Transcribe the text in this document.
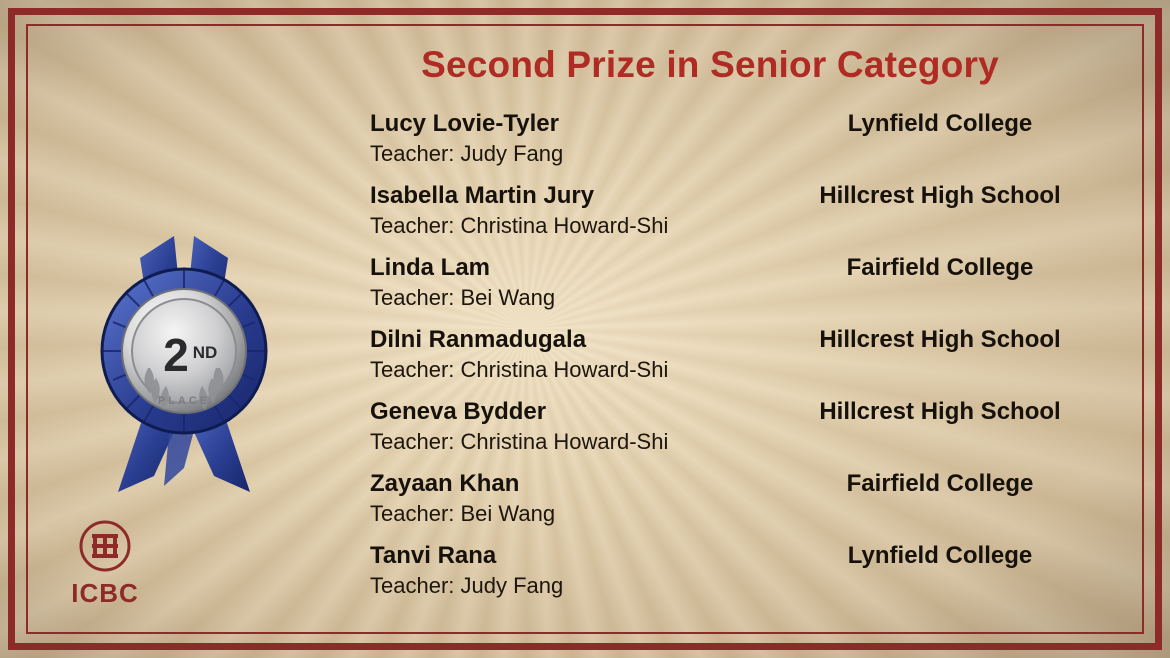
Second Prize in Senior Category
2 ND
PLACE
ICBC
Lucy Lovie-Tyler	Lynfield College
Teacher: Judy Fang
Isabella Martin Jury	Hillcrest High School
Teacher: Christina Howard-Shi
Linda Lam	Fairfield College
Teacher: Bei Wang
Dilni Ranmadugala	Hillcrest High School
Teacher: Christina Howard-Shi
Geneva Bydder	Hillcrest High School
Teacher: Christina Howard-Shi
Zayaan Khan	Fairfield College
Teacher: Bei Wang
Tanvi Rana	Lynfield College
Teacher: Judy Fang
